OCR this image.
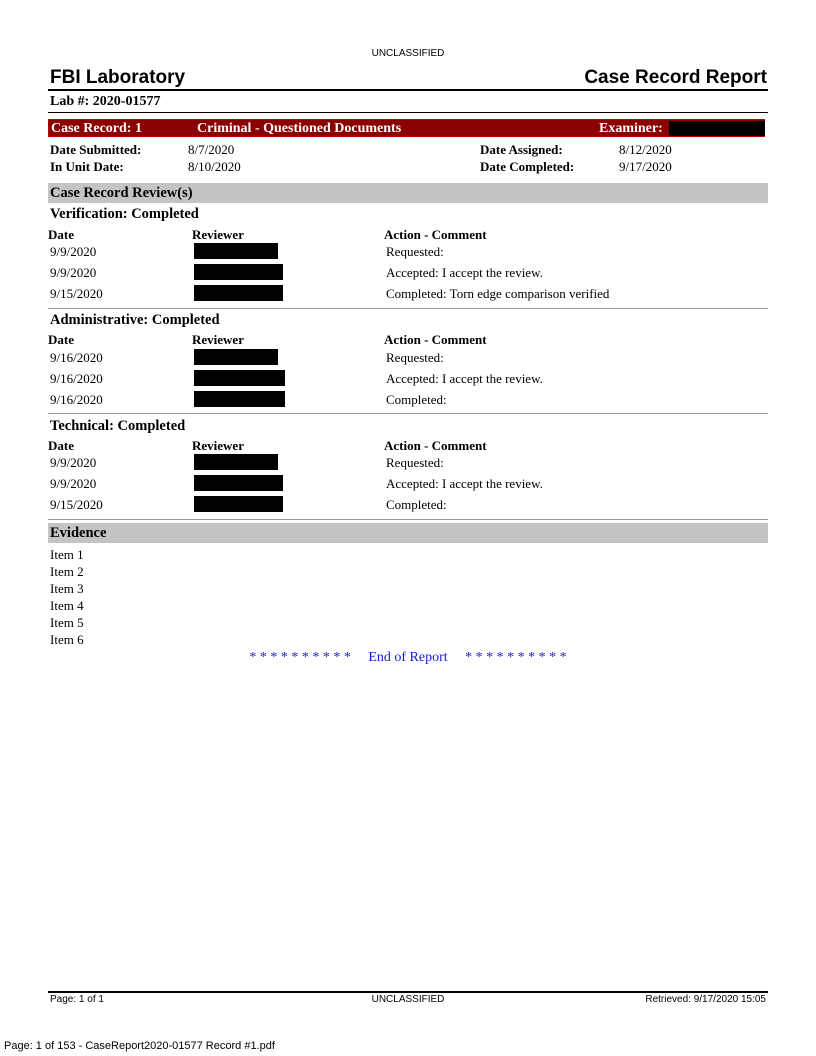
UNCLASSIFIED
FBI Laboratory	Case Record Report
Lab #: 2020-01577
Case Record: 1	Criminal - Questioned Documents	Examiner:
Date Submitted:	8/7/2020
In Unit Date:	8/10/2020
Date Assigned:	8/12/2020
Date Completed:	9/17/2020
Case Record Review(s)
Verification: Completed
Date	Reviewer	Action - Comment
9/9/2020	Requested:
9/9/2020	Accepted: I accept the review.
9/15/2020	Completed: Torn edge comparison verified
Administrative: Completed
Date	Reviewer	Action - Comment
9/16/2020	Requested:
9/16/2020	Accepted: I accept the review.
9/16/2020	Completed:
Technical: Completed
Date	Reviewer	Action - Comment
9/9/2020	Requested:
9/9/2020	Accepted: I accept the review.
9/15/2020	Completed:
Evidence
Item 1
Item 2
Item 3
Item 4
Item 5
Item 6
* * * * * * * * * *     End of Report     * * * * * * * * * *
Page: 1 of 1	UNCLASSIFIED	Retrieved: 9/17/2020 15:05
Page: 1 of 153 - CaseReport2020-01577 Record #1.pdf
